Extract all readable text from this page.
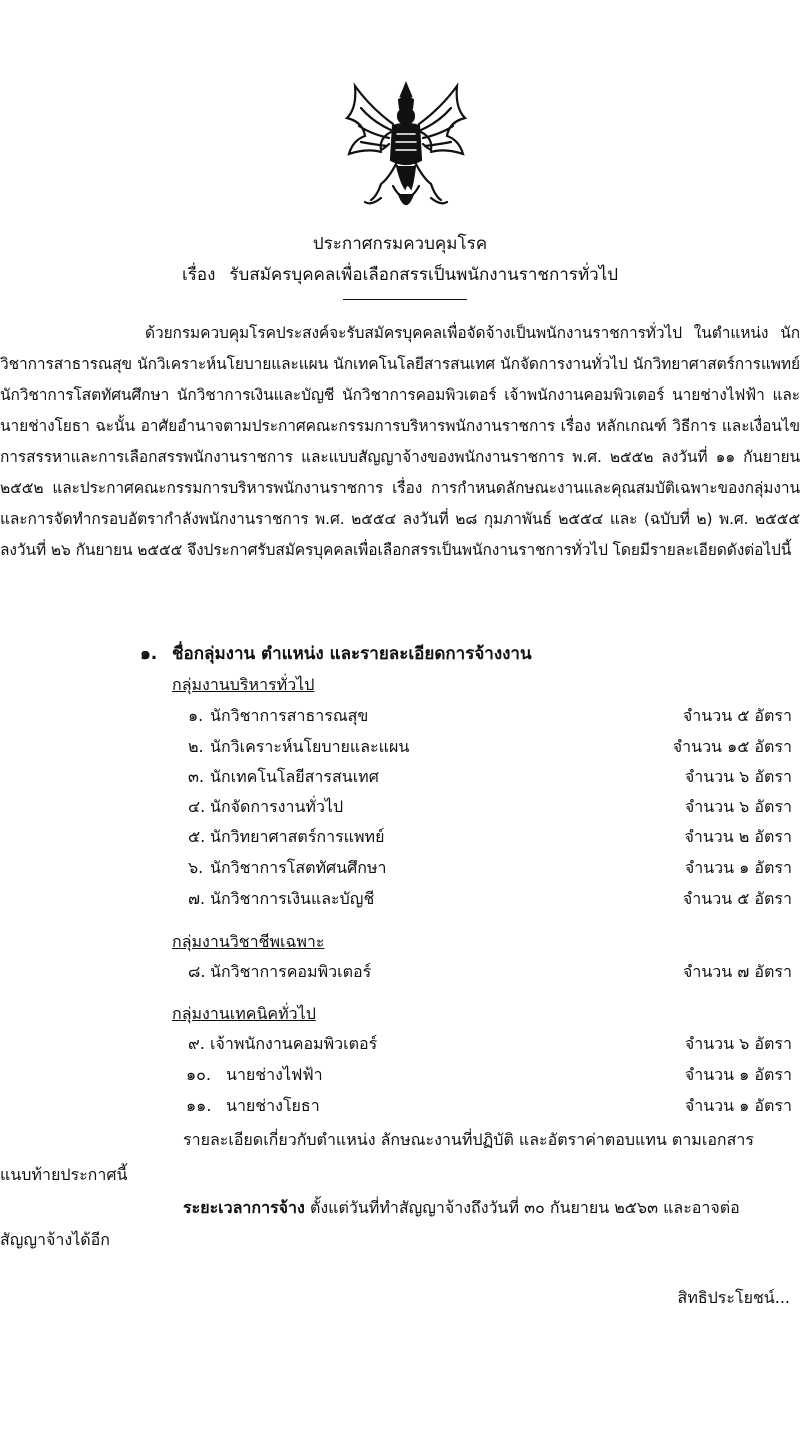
ประกาศกรมควบคุมโรค
เรื่อง รับสมัครบุคคลเพื่อเลือกสรรเป็นพนักงานราชการทั่วไป
ด้วยกรมควบคุมโรคประสงค์จะรับสมัครบุคคลเพื่อจัดจ้างเป็นพนักงานราชการทั่วไป ในตำแหน่ง นักวิชาการสาธารณสุข นักวิเคราะห์นโยบายและแผน นักเทคโนโลยีสารสนเทศ นักจัดการงานทั่วไป นักวิทยาศาสตร์การแพทย์ นักวิชาการโสตทัศนศึกษา นักวิชาการเงินและบัญชี นักวิชาการคอมพิวเตอร์ เจ้าพนักงานคอมพิวเตอร์ นายช่างไฟฟ้า และนายช่างโยธา ฉะนั้น อาศัยอำนาจตามประกาศคณะกรรมการบริหารพนักงานราชการ เรื่อง หลักเกณฑ์ วิธีการ และเงื่อนไขการสรรหาและการเลือกสรรพนักงานราชการ และแบบสัญญาจ้างของพนักงานราชการ พ.ศ. ๒๕๕๒ ลงวันที่ ๑๑ กันยายน ๒๕๕๒ และประกาศคณะกรรมการบริหารพนักงานราชการ เรื่อง การกำหนดลักษณะงานและคุณสมบัติเฉพาะของกลุ่มงานและการจัดทำกรอบอัตรากำลังพนักงานราชการ พ.ศ. ๒๕๕๔ ลงวันที่ ๒๘ กุมภาพันธ์ ๒๕๕๔ และ (ฉบับที่ ๒) พ.ศ. ๒๕๕๕ ลงวันที่ ๒๖ กันยายน ๒๕๕๕ จึงประกาศรับสมัครบุคคลเพื่อเลือกสรรเป็นพนักงานราชการทั่วไป โดยมีรายละเอียดดังต่อไปนี้
๑. ชื่อกลุ่มงาน ตำแหน่ง และรายละเอียดการจ้างงาน
กลุ่มงานบริหารทั่วไป
๑. นักวิชาการสาธารณสุข	จำนวน ๕ อัตรา
๒. นักวิเคราะห์นโยบายและแผน	จำนวน ๑๕ อัตรา
๓. นักเทคโนโลยีสารสนเทศ	จำนวน ๖ อัตรา
๔. นักจัดการงานทั่วไป	จำนวน ๖ อัตรา
๕. นักวิทยาศาสตร์การแพทย์	จำนวน ๒ อัตรา
๖. นักวิชาการโสตทัศนศึกษา	จำนวน ๑ อัตรา
๗. นักวิชาการเงินและบัญชี	จำนวน ๕ อัตรา
กลุ่มงานวิชาชีพเฉพาะ
๘. นักวิชาการคอมพิวเตอร์	จำนวน ๗ อัตรา
กลุ่มงานเทคนิคทั่วไป
๙. เจ้าพนักงานคอมพิวเตอร์	จำนวน ๖ อัตรา
๑๐. นายช่างไฟฟ้า	จำนวน ๑ อัตรา
๑๑. นายช่างโยธา	จำนวน ๑ อัตรา
รายละเอียดเกี่ยวกับตำแหน่ง ลักษณะงานที่ปฏิบัติ และอัตราค่าตอบแทน ตามเอกสาร
แนบท้ายประกาศนี้
ระยะเวลาการจ้าง ตั้งแต่วันที่ทำสัญญาจ้างถึงวันที่ ๓๐ กันยายน ๒๕๖๓ และอาจต่อ
สัญญาจ้างได้อีก
สิทธิประโยชน์...
